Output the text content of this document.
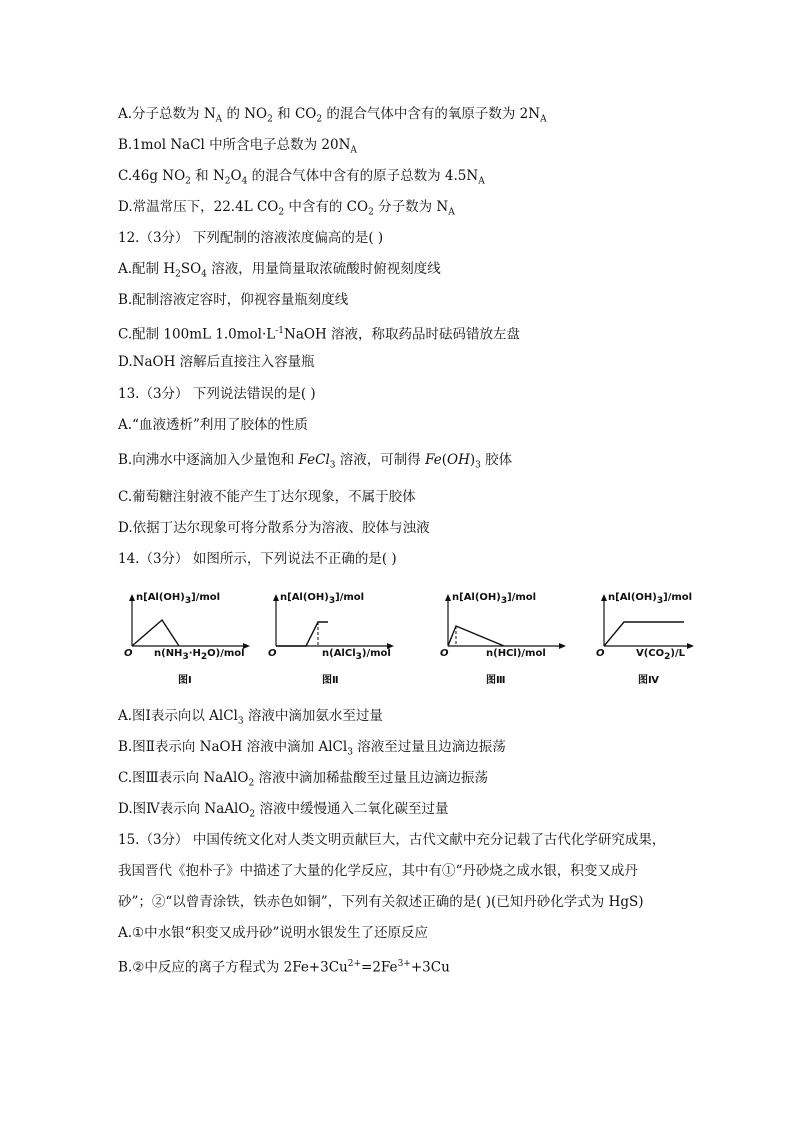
A.分子总数为 $N_A$ 的 $NO_2$ 和 $CO_2$ 的混合气体中含有的氧原子数为 $2N_A$
B.1mol NaCl 中所含电子总数为 $20N_A$
C.46g $NO_2$ 和 $N_2O_4$ 的混合气体中含有的原子总数为 $4.5N_A$
D.常温常压下，22.4L $CO_2$ 中含有的 $CO_2$ 分子数为 $N_A$
12.（3分） 下列配制的溶液浓度偏高的是( )
A.配制 $H_2SO_4$ 溶液，用量筒量取浓硫酸时俯视刻度线
B.配制溶液定容时，仰视容量瓶刻度线
C.配制 100mL $1.0mol\cdot L^{-1}NaOH$ 溶液，称取药品时砝码错放左盘
D.NaOH 溶解后直接注入容量瓶
13.（3分） 下列说法错误的是( )
A.“血液透析”利用了胶体的性质
B.向沸水中逐滴加入少量饱和 FeCl$_3$ 溶液，可制得 $Fe(OH)_3$ 胶体
C.葡萄糖注射液不能产生丁达尔现象，不属于胶体
D.依据丁达尔现象可将分散系分为溶液、胶体与浊液
14.（3分） 如图所示，下列说法不正确的是( )
$n[Al(OH)_3]$/mol
O $n(NH_3\cdot H_2O)$/mol
图Ⅰ
$n[Al(OH)_3]$/mol
O	n(AlCl$_3$)/mol
图Ⅱ
$n[Al(OH)_3]$/mol
O	n(HCl)/mol
图Ⅲ
$n[Al(OH)_3]$/mol
O	$V(CO_2)/L$
图Ⅳ
A.图Ⅰ表示向以 AlCl$_3$ 溶液中滴加氨水至过量
B.图Ⅱ表示向 NaOH 溶液中滴加 AlCl$_3$ 溶液至过量且边滴边振荡
C.图Ⅲ表示向 NaAlO$_2$ 溶液中滴加稀盐酸至过量且边滴边振荡
D.图Ⅳ表示向 NaAlO$_2$ 溶液中缓慢通入二氧化碳至过量
15.（3分） 中国传统文化对人类文明贡献巨大，古代文献中充分记载了古代化学研究成果，
我国晋代《抱朴子》中描述了大量的化学反应，其中有①“丹砂烧之成水银，积变又成丹
砂”；②“以曾青涂铁，铁赤色如铜”，下列有关叙述正确的是( )(已知丹砂化学式为 HgS)
A.①中水银“积变又成丹砂”说明水银发生了还原反应
B.②中反应的离子方程式为 $2Fe+3Cu^{2+}=2Fe^{3+}+3Cu$
